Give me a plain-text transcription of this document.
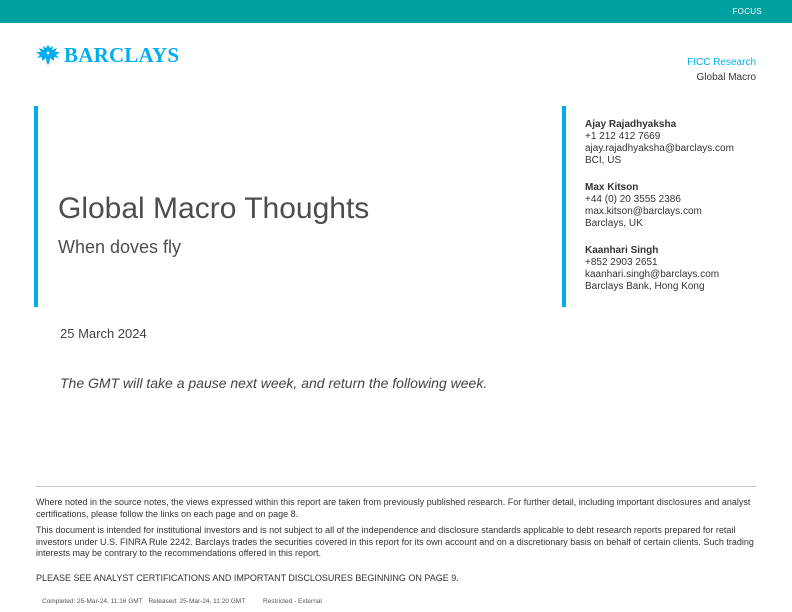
FOCUS
BARCLAYS	FICC Research
Global Macro
Global Macro Thoughts
When doves fly
Ajay Rajadhyaksha
+1 212 412 7669
ajay.rajadhyaksha@barclays.com
BCI, US
Max Kitson
+44 (0) 20 3555 2386
max.kitson@barclays.com
Barclays, UK
Kaanhari Singh
+852 2903 2651
kaanhari.singh@barclays.com
Barclays Bank, Hong Kong
25 March 2024
The GMT will take a pause next week, and return the following week.

Where noted in the source notes, the views expressed within this report are taken from previously published research. For further detail, including important disclosures and analyst certifications, please follow the links on each page and on page 8.

This document is intended for institutional investors and is not subject to all of the independence and disclosure standards applicable to debt research reports prepared for retail investors under U.S. FINRA Rule 2242. Barclays trades the securities covered in this report for its own account and on a discretionary basis on behalf of certain clients. Such trading interests may be contrary to the recommendations offered in this report.

PLEASE SEE ANALYST CERTIFICATIONS AND IMPORTANT DISCLOSURES BEGINNING ON PAGE 9.

Completed: 25-Mar-24, 11:16 GMT Released: 25-Mar-24, 11:20 GMT	Restricted - External
